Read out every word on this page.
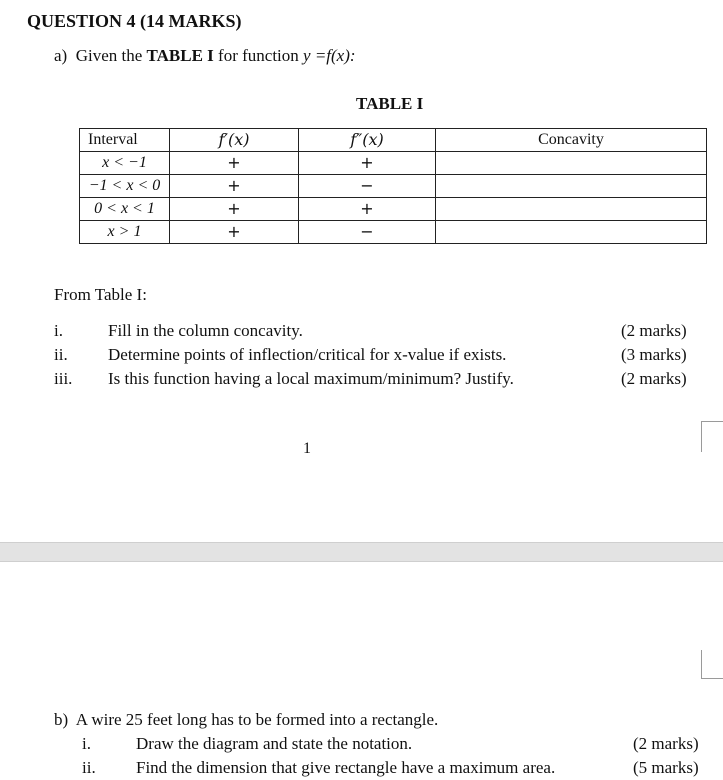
QUESTION 4 (14 MARKS)
a) Given the TABLE I for function y =f(x):
TABLE I
Interval	f′(x)	f″(x)	Concavity
x < −1	+	+	
−1 < x < 0	+	−	
0 < x < 1	+	+	
x > 1	+	−	
From Table I:
i.	Fill in the column concavity.	(2 marks)
ii. Determine points of inflection/critical for x-value if exists.	(3 marks)
iii. Is this function having a local maximum/minimum? Justify.	(2 marks)
1
b) A wire 25 feet long has to be formed into a rectangle.
i.	Draw the diagram and state the notation.	(2 marks)
ii. Find the dimension that give rectangle have a maximum area.	(5 marks)
